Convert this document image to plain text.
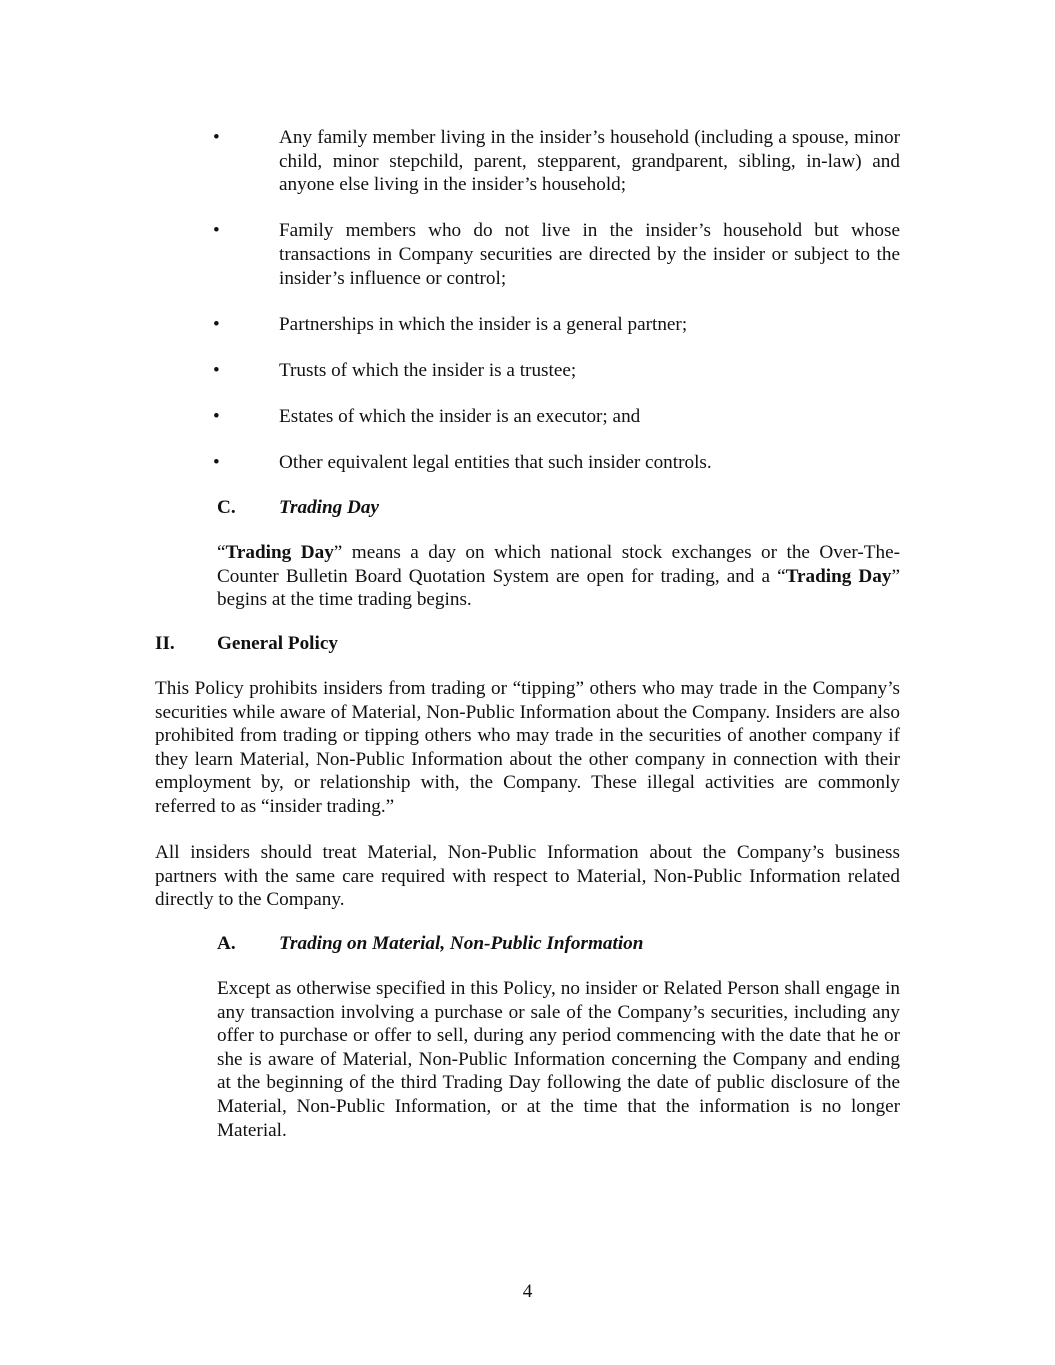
•	Any family member living in the insider’s household (including a spouse, minor child, minor stepchild, parent, stepparent, grandparent, sibling, in-law) and anyone else living in the insider’s household;
•	Family members who do not live in the insider’s household but whose transactions in Company securities are directed by the insider or subject to the insider’s influence or control;
•	Partnerships in which the insider is a general partner;
•	Trusts of which the insider is a trustee;
•	Estates of which the insider is an executor; and
•	Other equivalent legal entities that such insider controls.
C.	Trading Day

“Trading Day” means a day on which national stock exchanges or the Over-The-Counter Bulletin Board Quotation System are open for trading, and a “Trading Day” begins at the time trading begins.

II.	General Policy

This Policy prohibits insiders from trading or “tipping” others who may trade in the Company’s securities while aware of Material, Non-Public Information about the Company. Insiders are also prohibited from trading or tipping others who may trade in the securities of another company if they learn Material, Non-Public Information about the other company in connection with their employment by, or relationship with, the Company. These illegal activities are commonly referred to as “insider trading.”

All insiders should treat Material, Non-Public Information about the Company’s business partners with the same care required with respect to Material, Non-Public Information related directly to the Company.

A.	Trading on Material, Non-Public Information

Except as otherwise specified in this Policy, no insider or Related Person shall engage in any transaction involving a purchase or sale of the Company’s securities, including any offer to purchase or offer to sell, during any period commencing with the date that he or she is aware of Material, Non-Public Information concerning the Company and ending at the beginning of the third Trading Day following the date of public disclosure of the Material, Non-Public Information, or at the time that the information is no longer Material.

4
